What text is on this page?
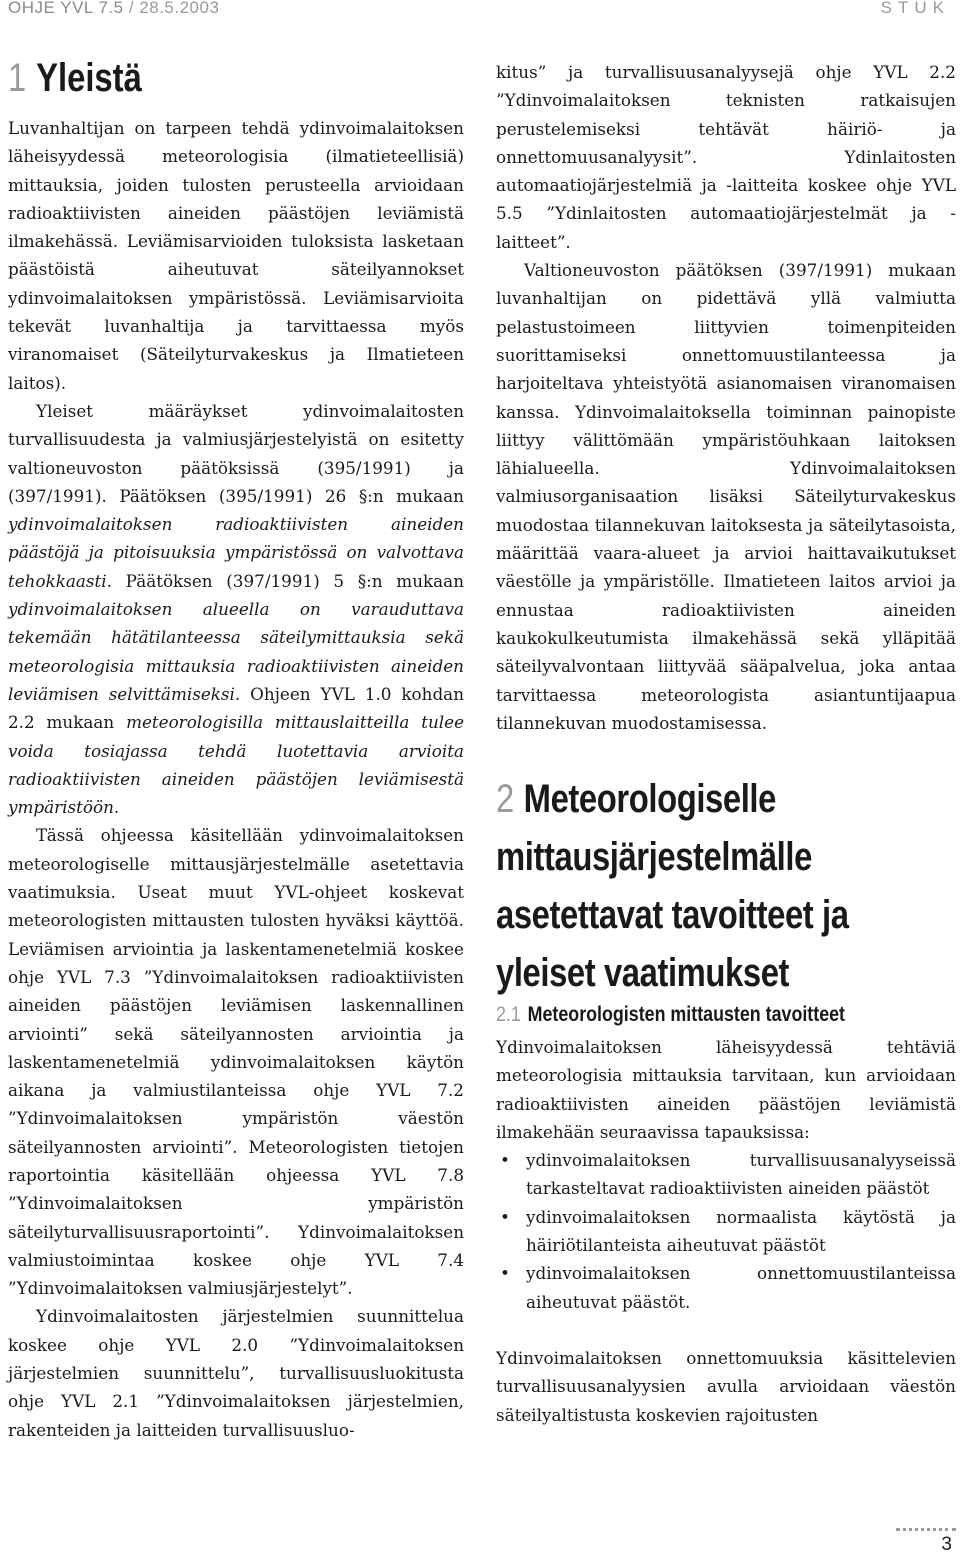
OHJE YVL 7.5 / 28.5.2003	STUK
1 Yleistä

Luvanhaltijan on tarpeen tehdä ydinvoimalaitoksen läheisyydessä meteorologisia (ilmatieteellisiä) mittauksia, joiden tulosten perusteella arvioidaan radioaktiivisten aineiden päästöjen leviämistä ilmakehässä. Leviämisarvioiden tuloksista lasketaan päästöistä aiheutuvat säteilyannokset ydinvoimalaitoksen ympäristössä. Leviämisarvioita tekevät luvanhaltija ja tarvittaessa myös viranomaiset (Säteilyturvakeskus ja Ilmatieteen laitos).

Yleiset määräykset ydinvoimalaitosten turvallisuudesta ja valmiusjärjestelyistä on esitetty valtioneuvoston päätöksissä (395/1991) ja (397/1991). Päätöksen (395/1991) 26 §:n mukaan ydinvoimalaitoksen radioaktiivisten aineiden päästöjä ja pitoisuuksia ympäristössä on valvottava tehokkaasti. Päätöksen (397/1991) 5 §:n mukaan ydinvoimalaitoksen alueella on varauduttava tekemään hätätilanteessa säteilymittauksia sekä meteorologisia mittauksia radioaktiivisten aineiden leviämisen selvittämiseksi. Ohjeen YVL 1.0 kohdan 2.2 mukaan meteorologisilla mittauslaitteilla tulee voida tosiajassa tehdä luotettavia arvioita radioaktiivisten aineiden päästöjen leviämisestä ympäristöön.

Tässä ohjeessa käsitellään ydinvoimalaitoksen meteorologiselle mittausjärjestelmälle asetettavia vaatimuksia. Useat muut YVL-ohjeet koskevat meteorologisten mittausten tulosten hyväksi käyttöä. Leviämisen arviointia ja laskentamenetelmiä koskee ohje YVL 7.3 ”Ydinvoimalaitoksen radioaktiivisten aineiden päästöjen leviämisen laskennallinen arviointi” sekä säteilyannosten arviointia ja laskentamenetelmiä ydinvoimalaitoksen käytön aikana ja valmiustilanteissa ohje YVL 7.2 ”Ydinvoimalaitoksen ympäristön väestön säteilyannosten arviointi”. Meteorologisten tietojen raportointia käsitellään ohjeessa YVL 7.8 ”Ydinvoimalaitoksen ympäristön säteilyturvallisuusraportointi”. Ydinvoimalaitoksen valmiustoimintaa koskee ohje YVL 7.4 ”Ydinvoimalaitoksen valmiusjärjestelyt”.

Ydinvoimalaitosten järjestelmien suunnittelua koskee ohje YVL 2.0 ”Ydinvoimalaitoksen järjestelmien suunnittelu”, turvallisuusluokitusta ohje YVL 2.1 ”Ydinvoimalaitoksen järjestelmien, rakenteiden ja laitteiden turvallisuusluo-

kitus” ja turvallisuusanalyysejä ohje YVL 2.2 ”Ydinvoimalaitoksen teknisten ratkaisujen perustelemiseksi tehtävät häiriö- ja onnettomuusanalyysit”. Ydinlaitosten automaatiojärjestelmiä ja -laitteita koskee ohje YVL 5.5 ”Ydinlaitosten automaatiojärjestelmät ja -laitteet”.

Valtioneuvoston päätöksen (397/1991) mukaan luvanhaltijan on pidettävä yllä valmiutta pelastustoimeen liittyvien toimenpiteiden suorittamiseksi onnettomuustilanteessa ja harjoiteltava yhteistyötä asianomaisen viranomaisen kanssa. Ydinvoimalaitoksella toiminnan painopiste liittyy välittömään ympäristöuhkaan laitoksen lähialueella. Ydinvoimalaitoksen valmiusorganisaation lisäksi Säteilyturvakeskus muodostaa tilannekuvan laitoksesta ja säteilytasoista, määrittää vaara-alueet ja arvioi haittavaikutukset väestölle ja ympäristölle. Ilmatieteen laitos arvioi ja ennustaa radioaktiivisten aineiden kaukokulkeutumista ilmakehässä sekä ylläpitää säteilyvalvontaan liittyvää sääpalvelua, joka antaa tarvittaessa meteorologista asiantuntijaapua tilannekuvan muodostamisessa.

2 Meteorologiselle mittausjärjestelmälle asetettavat tavoitteet ja yleiset vaatimukset
2.1 Meteorologisten mittausten tavoitteet

Ydinvoimalaitoksen läheisyydessä tehtäviä meteorologisia mittauksia tarvitaan, kun arvioidaan radioaktiivisten aineiden päästöjen leviämistä ilmakehään seuraavissa tapauksissa:

• ydinvoimalaitoksen turvallisuusanalyyseissä tarkasteltavat radioaktiivisten aineiden päästöt
• ydinvoimalaitoksen normaalista käytöstä ja häiriötilanteista aiheutuvat päästöt
• ydinvoimalaitoksen onnettomuustilanteissa aiheutuvat päästöt.

Ydinvoimalaitoksen onnettomuuksia käsittelevien turvallisuusanalyysien avulla arvioidaan väestön säteilyaltistusta koskevien rajoitusten

3
